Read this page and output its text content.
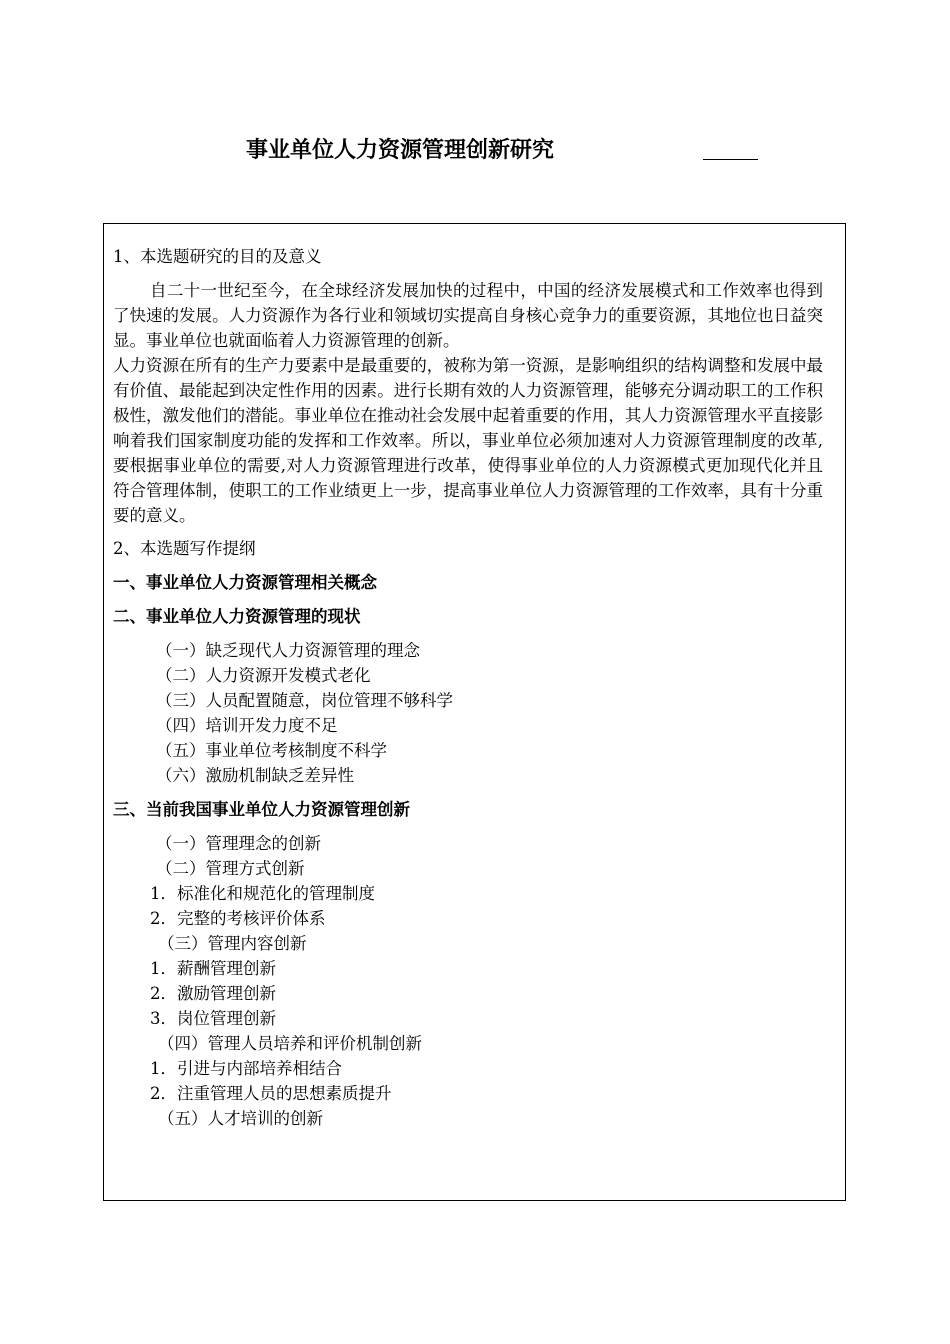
事业单位人力资源管理创新研究
1、本选题研究的目的及意义

自二十一世纪至今，在全球经济发展加快的过程中，中国的经济发展模式和工作效率也得到了快速的发展。人力资源作为各行业和领域切实提高自身核心竞争力的重要资源，其地位也日益突显。事业单位也就面临着人力资源管理的创新。

人力资源在所有的生产力要素中是最重要的，被称为第一资源，是影响组织的结构调整和发展中最有价值、最能起到决定性作用的因素。进行长期有效的人力资源管理，能够充分调动职工的工作积极性，激发他们的潜能。事业单位在推动社会发展中起着重要的作用，其人力资源管理水平直接影响着我们国家制度功能的发挥和工作效率。所以，事业单位必须加速对人力资源管理制度的改革,要根据事业单位的需要,对人力资源管理进行改革，使得事业单位的人力资源模式更加现代化并且符合管理体制，使职工的工作业绩更上一步，提高事业单位人力资源管理的工作效率，具有十分重要的意义。

2、本选题写作提纲
一、事业单位人力资源管理相关概念
二、事业单位人力资源管理的现状
（一）缺乏现代人力资源管理的理念
（二）人力资源开发模式老化
（三）人员配置随意，岗位管理不够科学
（四）培训开发力度不足
（五）事业单位考核制度不科学
（六）激励机制缺乏差异性
三、当前我国事业单位人力资源管理创新
（一）管理理念的创新
（二）管理方式创新
1．标准化和规范化的管理制度
2．完整的考核评价体系
（三）管理内容创新
1．薪酬管理创新
2．激励管理创新
3．岗位管理创新
（四）管理人员培养和评价机制创新
1．引进与内部培养相结合
2．注重管理人员的思想素质提升
（五）人才培训的创新
